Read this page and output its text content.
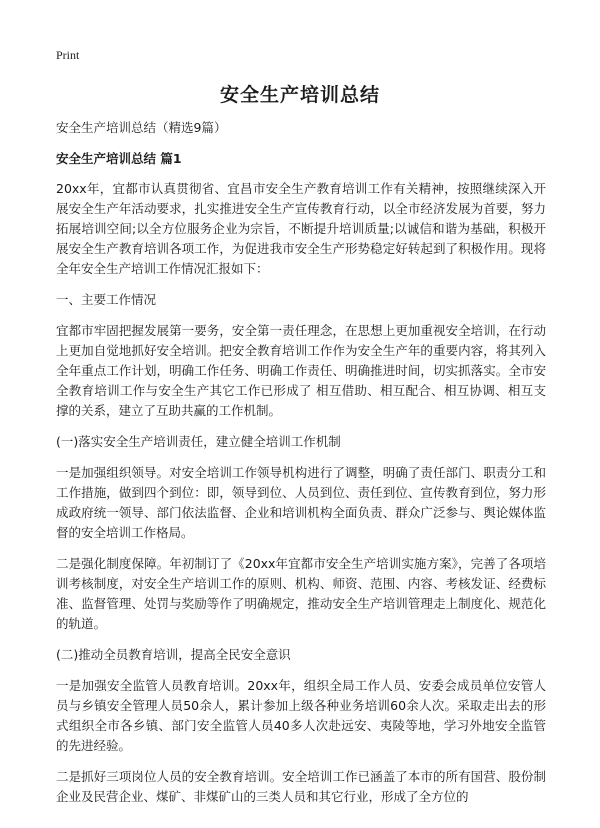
Print
安全生产培训总结

安全生产培训总结（精选9篇）

安全生产培训总结 篇1

20xx年，宜都市认真贯彻省、宜昌市安全生产教育培训工作有关精神，按照继续深入开展安全生产年活动要求，扎实推进安全生产宣传教育行动，以全市经济发展为首要，努力拓展培训空间;以全方位服务企业为宗旨，不断提升培训质量;以诚信和谐为基础，积极开展安全生产教育培训各项工作，为促进我市安全生产形势稳定好转起到了积极作用。现将全年安全生产培训工作情况汇报如下：

一、主要工作情况

宜都市牢固把握发展第一要务，安全第一责任理念，在思想上更加重视安全培训，在行动上更加自觉地抓好安全培训。把安全教育培训工作作为安全生产年的重要内容，将其列入全年重点工作计划，明确工作任务、明确工作责任、明确推进时间，切实抓落实。全市安全教育培训工作与安全生产其它工作已形成了 相互借助、相互配合、相互协调、相互支撑的关系，建立了互助共赢的工作机制。

(一)落实安全生产培训责任，建立健全培训工作机制

一是加强组织领导。对安全培训工作领导机构进行了调整，明确了责任部门、职责分工和工作措施，做到四个到位：即，领导到位、人员到位、责任到位、宣传教育到位，努力形成政府统一领导、部门依法监督、企业和培训机构全面负责、群众广泛参与、舆论媒体监督的安全培训工作格局。

二是强化制度保障。年初制订了《20xx年宜都市安全生产培训实施方案》，完善了各项培训考核制度，对安全生产培训工作的原则、机构、师资、范围、内容、考核发证、经费标准、监督管理、处罚与奖励等作了明确规定，推动安全生产培训管理走上制度化、规范化的轨道。

(二)推动全员教育培训，提高全民安全意识

一是加强安全监管人员教育培训。20xx年，组织全局工作人员、安委会成员单位安管人员与乡镇安全管理人员50余人，累计参加上级各种业务培训60余人次。采取走出去的形式组织全市各乡镇、部门安全监管人员40多人次赴远安、夷陵等地，学习外地安全监管的先进经验。

二是抓好三项岗位人员的安全教育培训。安全培训工作已涵盖了本市的所有国营、股份制企业及民营企业、煤矿、非煤矿山的三类人员和其它行业，形成了全方位的
